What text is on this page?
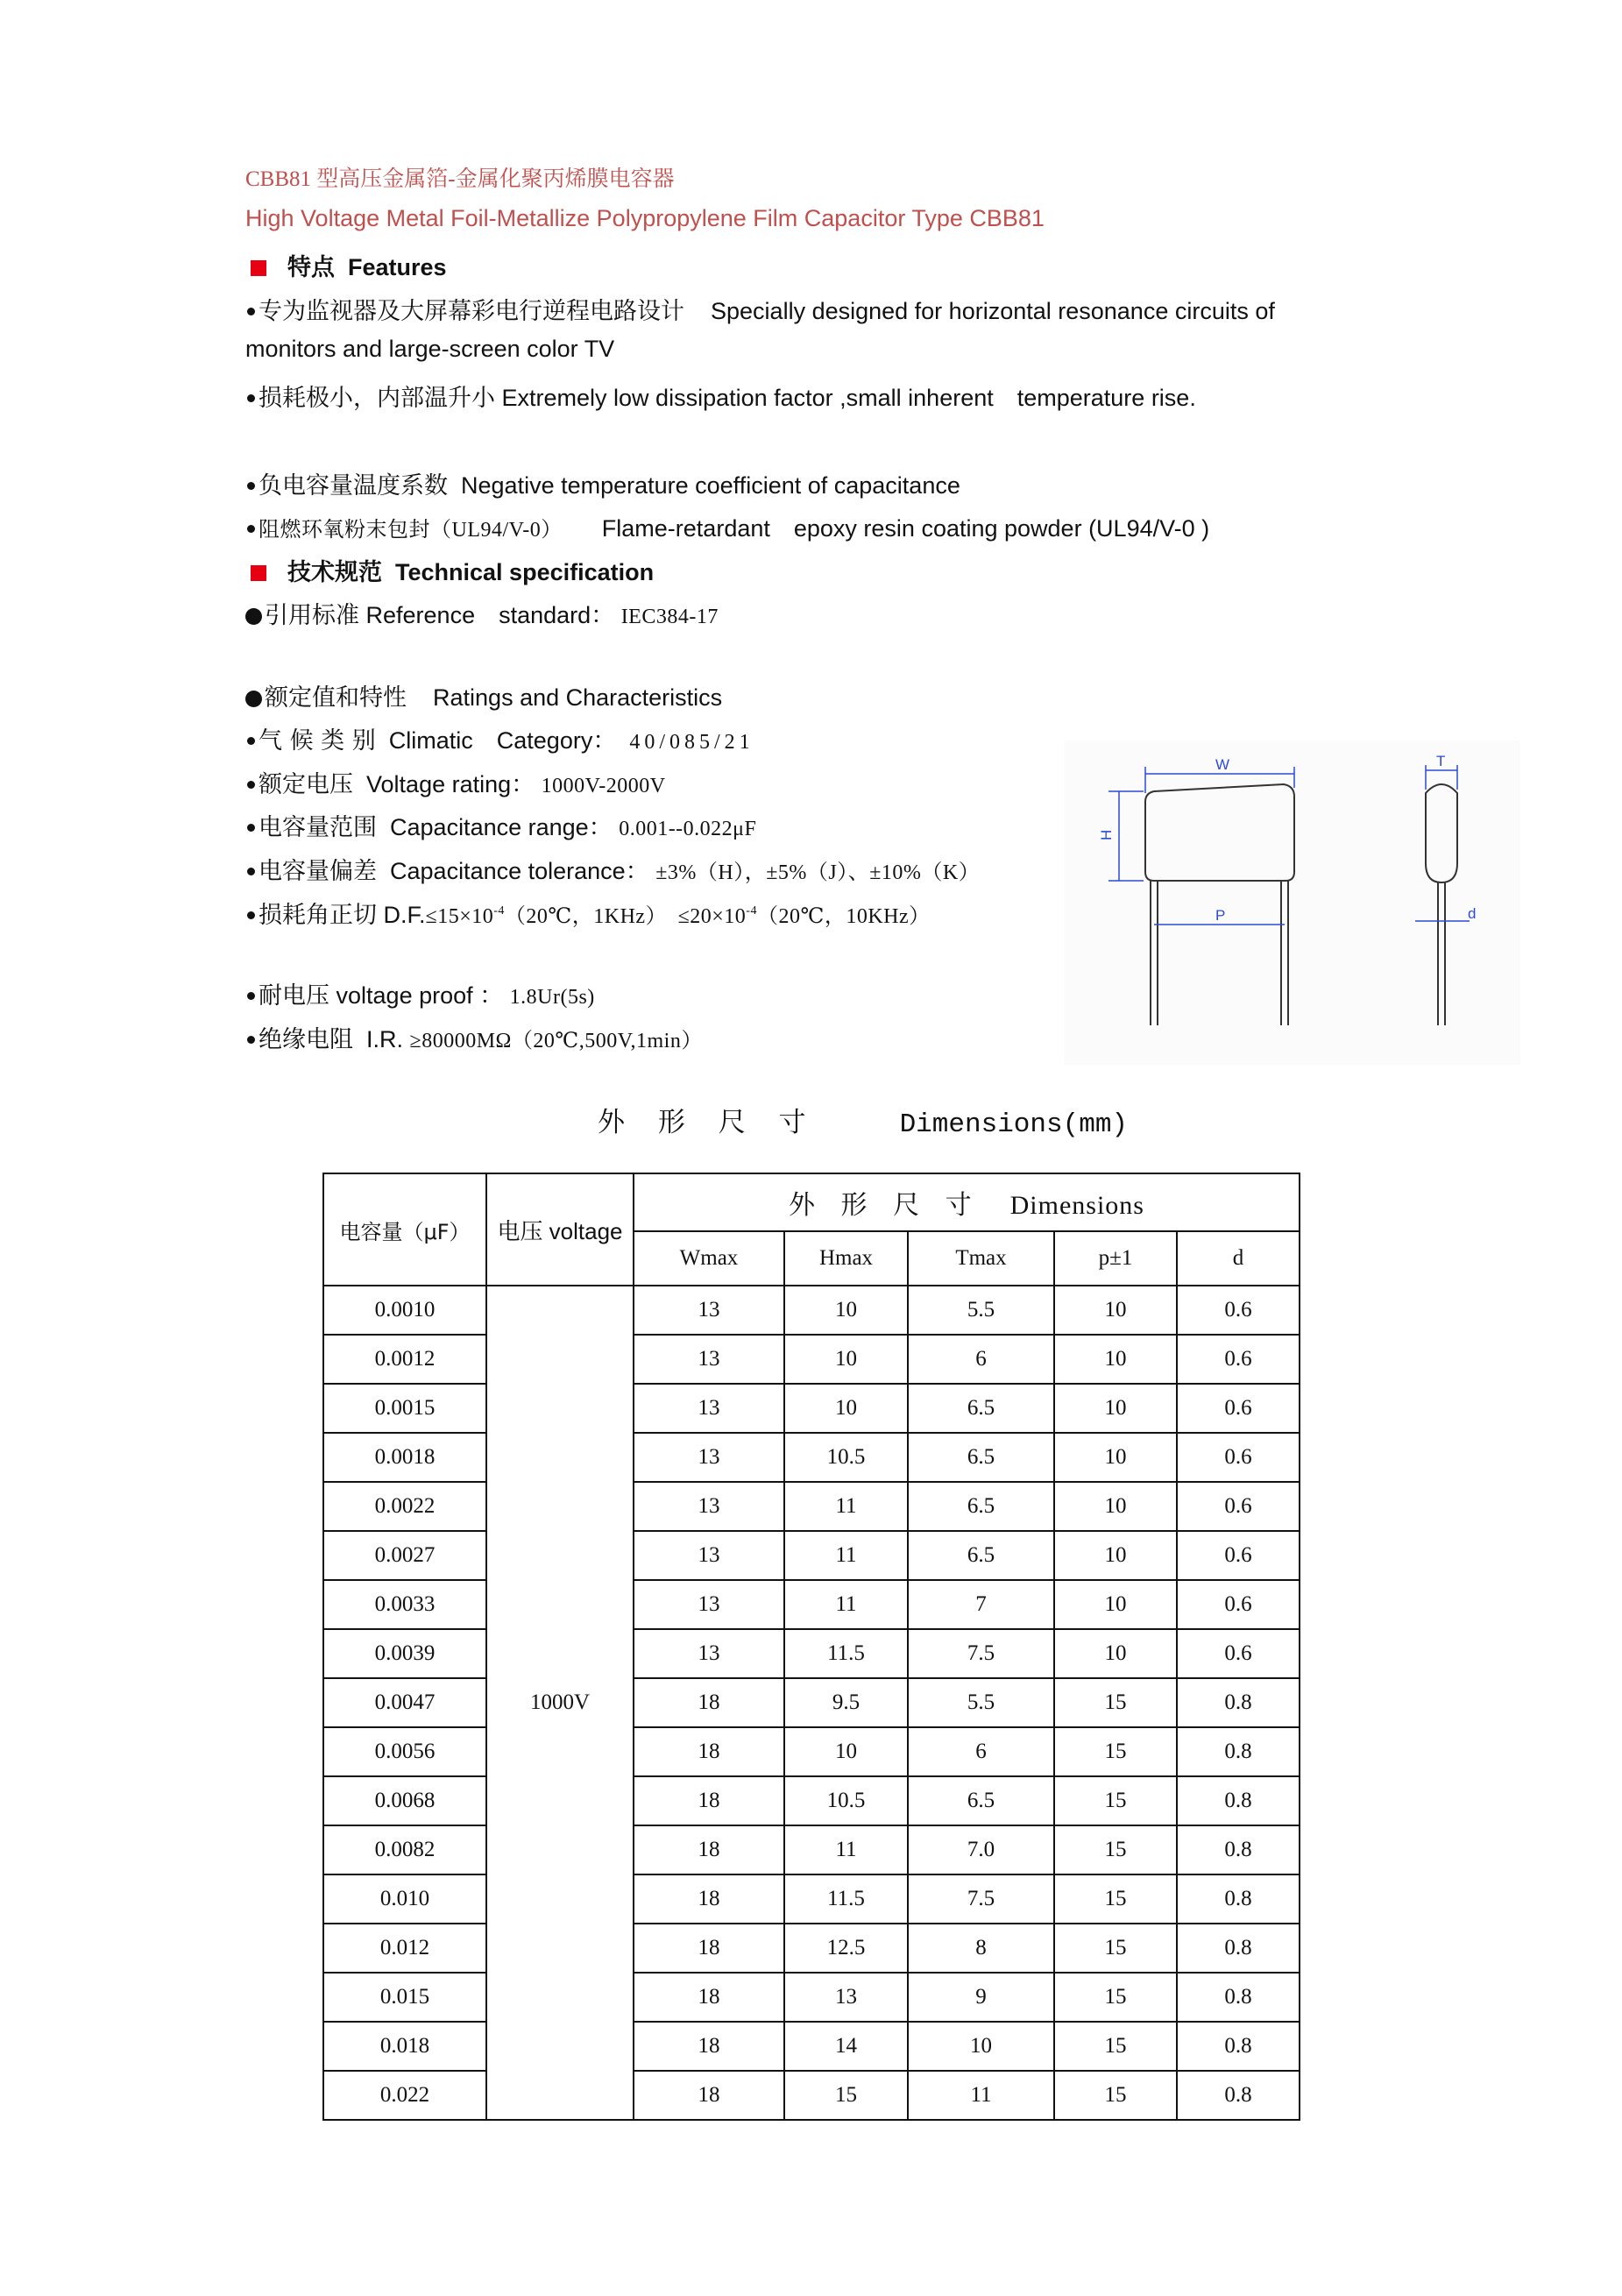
CBB81 型高压金属箔-金属化聚丙烯膜电容器
High Voltage Metal Foil-Metallize Polypropylene Film Capacitor Type CBB81
特点 Features
专为监视器及大屏幕彩电行逆程电路设计 Specially designed for horizontal resonance circuits of
monitors and large-screen color TV
损耗极小，内部温升小 Extremely low dissipation factor ,small inherent　temperature rise.
负电容量温度系数 Negative temperature coefficient of capacitance
阻燃环氧粉末包封（UL94/V-0） Flame-retardant　epoxy resin coating powder (UL94/V-0 )
技术规范 Technical specification
引用标准 Reference　standard： IEC384-17
额定值和特性 Ratings and Characteristics
气 候 类 别 Climatic　Category： 40/085/21
额定电压 Voltage rating： 1000V-2000V
电容量范围 Capacitance range： 0.001--0.022μF
电容量偏差 Capacitance tolerance： ±3%（H），±5%（J）、±10%（K）
损耗角正切 $D.F.\le 15\times 10^{-4}(20℃$，1KHz）　$\le 20\times 10^{-4}(20℃$，10KHz）
耐电压 voltage proof ： 1.8Ur(5s)
绝缘电阻 I.R. ≥80000MΩ（20℃,500V,1min）
W
H
P
T
d
外 形 尺 寸	Dimensions(mm)
电容量（μF）	电压 voltage	外 形 尺 寸 Dimensions				
		Wmax	Hmax	Tmax	p±1	d
0.0010	1000V	13	10	5.5	10	0.6
0.0012		13	10	6	10	0.6
0.0015		13	10	6.5	10	0.6
0.0018		13	10.5	6.5	10	0.6
0.0022		13	11	6.5	10	0.6
0.0027		13	11	6.5	10	0.6
0.0033		13	11	7	10	0.6
0.0039		13	11.5	7.5	10	0.6
0.0047		18	9.5	5.5	15	0.8
0.0056		18	10	6	15	0.8
0.0068		18	10.5	6.5	15	0.8
0.0082		18	11	7.0	15	0.8
0.010		18	11.5	7.5	15	0.8
0.012		18	12.5	8	15	0.8
0.015		18	13	9	15	0.8
0.018		18	14	10	15	0.8
0.022		18	15	11	15	0.8
